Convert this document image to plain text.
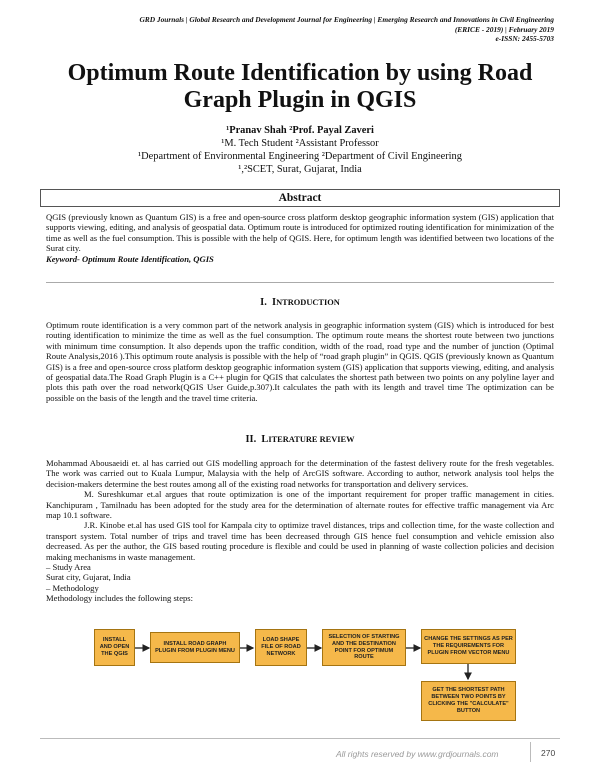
GRD Journals | Global Research and Development Journal for Engineering | Emerging Research and Innovations in Civil Engineering
(ERICE - 2019) | February 2019
e-ISSN: 2455-5703
Optimum Route Identification by using Road
Graph Plugin in QGIS
¹Pranav Shah ²Prof. Payal Zaveri
¹M. Tech Student ²Assistant Professor
¹Department of Environmental Engineering ²Department of Civil Engineering
¹,²SCET, Surat, Gujarat, India
Abstract

QGIS (previously known as Quantum GIS) is a free and open-source cross platform desktop geographic information system (GIS) application that supports viewing, editing, and analysis of geospatial data. Optimum route is introduced for optimized routing identification for minimization of the time as well as the fuel consumption. This is possible with the help of QGIS. Here, for optimum length was identified between two locations of the Surat city.

Keyword- Optimum Route Identification, QGIS

I. INTRODUCTION

Optimum route identification is a very common part of the network analysis in geographic information system (GIS) which is introduced for best routing identification to minimize the time as well as the fuel consumption. The optimum route means the shortest route between two junctions with minimum time consumption. It also depends upon the traffic condition, width of the road, road type and the number of junction (Optimal Route Analysis,2016 ).This optimum route analysis is possible with the help of “road graph plugin” in QGIS. QGIS (previously known as Quantum GIS) is a free and open-source cross platform desktop geographic information system (GIS) application that supports viewing, editing, and analysis of geospatial data.The Road Graph Plugin is a C++ plugin for QGIS that calculates the shortest path between two points on any polyline layer and plots this path over the road network(QGIS User Guide,p.307).It calculates the path with its length and travel time The optimization can be possible on the basis of the length and the travel time criteria.

II. LITERATURE REVIEW

Mohammad Abousaeidi et. al has carried out GIS modelling approach for the determination of the fastest delivery route for the fresh vegetables. The work was carried out to Kuala Lumpur, Malaysia with the help of ArcGIS software. According to author, network analysis tool helps the decision-makers determine the best routes among all of the existing road networks for transportation and delivery services.

M. Sureshkumar et.al argues that route optimization is one of the important requirement for proper traffic management in cities. Kanchipuram , Tamilnadu has been adopted for the study area for the determination of alternate routes for effective traffic management via Arc map 10.1 software.

J.R. Kinobe et.al has used GIS tool for Kampala city to optimize travel distances, trips and collection time, for the waste collection and transport system. Total number of trips and travel time has been decreased through GIS hence fuel consumption and vehicle emission also decreased. As per the author, the GIS based routing procedure is flexible and could be used in planning of waste collection policies and decision making mechanisms in waste management.

– Study Area

Surat city, Gujarat, India

– Methodology

Methodology includes the following steps:

INSTALL AND OPEN THE QGIS
INSTALL ROAD GRAPH PLUGIN FROM PLUGIN MENU
LOAD SHAPE FILE OF ROAD NETWORK
SELECTION OF STARTING AND THE DESTINATION POINT FOR OPTIMUM ROUTE
CHANGE THE SETTINGS AS PER THE REQUIREMENTS FOR PLUGIN FROM VECTOR MENU
GET THE SHORTEST PATH BETWEEN TWO POINTS BY CLICKING THE "CALCULATE" BUTTON
All rights reserved by www.grdjournals.com	270
